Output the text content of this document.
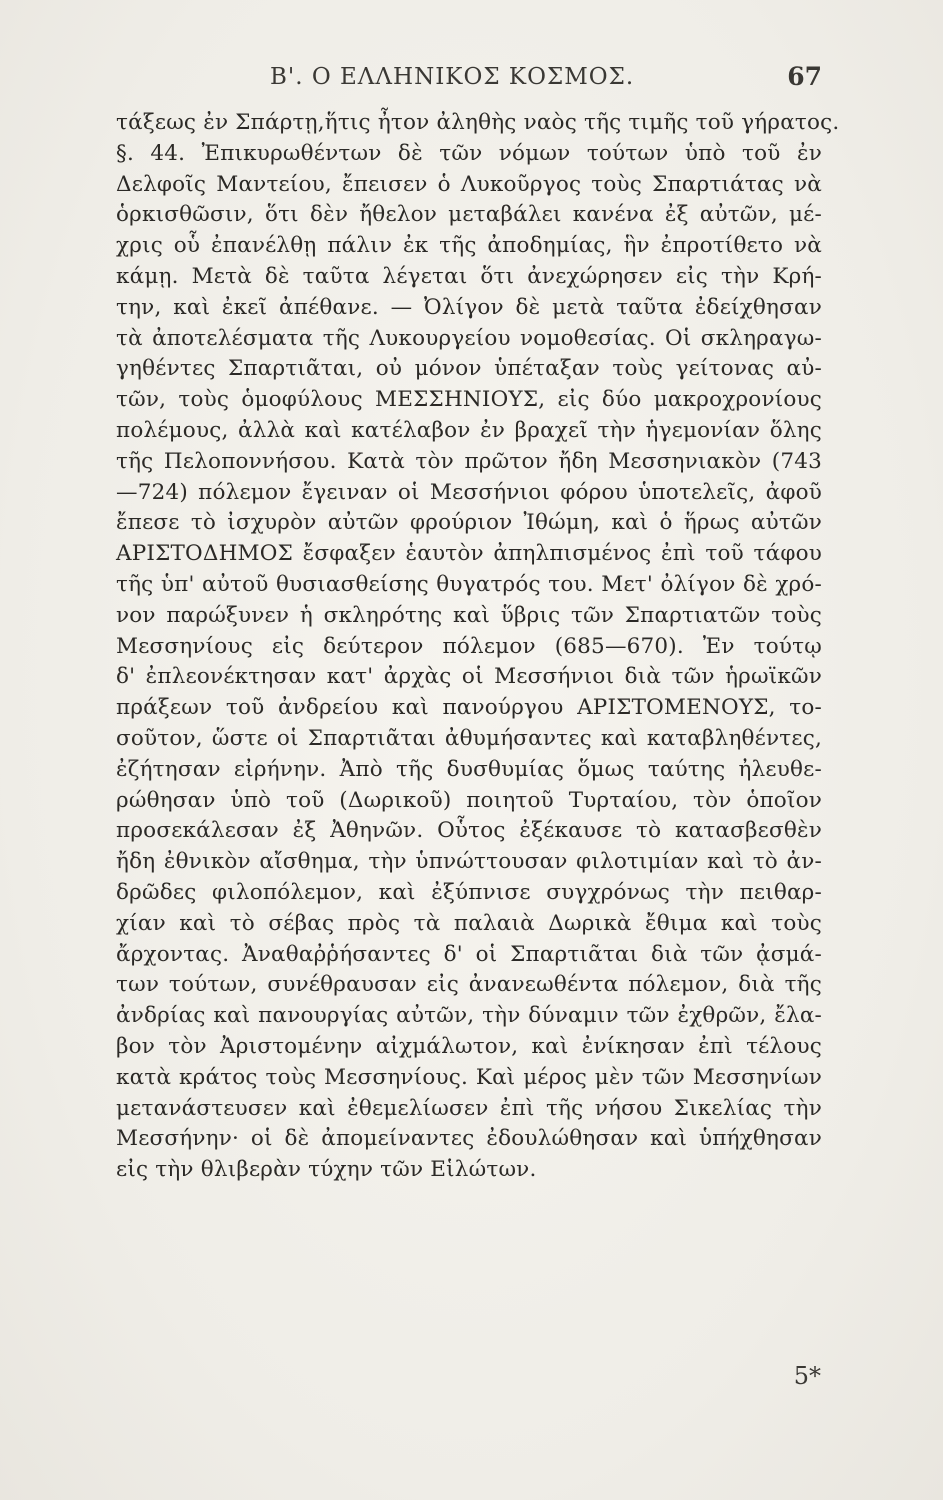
Β'. Ο ΕΛΛΗΝΙΚΟΣ ΚΟΣΜΟΣ.	67
τάξεως ἐν Σπάρτῃ,ἥτις ἦτον ἀληθὴς ναὸς τῆς τιμῆς τοῦ γήρατος.
§. 44. Ἐπικυρωθέντων δὲ τῶν νόμων τούτων ὑπὸ τοῦ ἐν
Δελφοῖς Μαντείου, ἔπεισεν ὁ Λυκοῦργος τοὺς Σπαρτιάτας νὰ
ὁρκισθῶσιν, ὅτι δὲν ἤθελον μεταβάλει κανένα ἐξ αὐτῶν, μέ-
χρις οὗ ἐπανέλθῃ πάλιν ἐκ τῆς ἀποδημίας, ἣν ἐπροτίθετο νὰ
κάμῃ. Μετὰ δὲ ταῦτα λέγεται ὅτι ἀνεχώρησεν εἰς τὴν Κρή-
την, καὶ ἐκεῖ ἀπέθανε. — Ὀλίγον δὲ μετὰ ταῦτα ἐδείχθησαν
τὰ ἀποτελέσματα τῆς Λυκουργείου νομοθεσίας. Οἱ σκληραγω-
γηθέντες Σπαρτιᾶται, οὐ μόνον ὑπέταξαν τοὺς γείτονας αὐ-
τῶν, τοὺς ὁμοφύλους ΜΕΣΣΗΝΙΟΥΣ, εἰς δύο μακροχρονίους
πολέμους, ἀλλὰ καὶ κατέλαβον ἐν βραχεῖ τὴν ἡγεμονίαν ὅλης
τῆς Πελοποννήσου. Κατὰ τὸν πρῶτον ἤδη Μεσσηνιακὸν (743
—724) πόλεμον ἔγειναν οἱ Μεσσήνιοι φόρου ὑποτελεῖς, ἀφοῦ
ἔπεσε τὸ ἰσχυρὸν αὐτῶν φρούριον Ἰθώμη, καὶ ὁ ἥρως αὐτῶν
ΑΡΙΣΤΟΔΗΜΟΣ ἔσφαξεν ἑαυτὸν ἀπηλπισμένος ἐπὶ τοῦ τάφου
τῆς ὑπ' αὐτοῦ θυσιασθείσης θυγατρός του. Μετ' ὀλίγον δὲ χρό-
νον παρώξυνεν ἡ σκληρότης καὶ ὕβρις τῶν Σπαρτιατῶν τοὺς
Μεσσηνίους εἰς δεύτερον πόλεμον (685—670). Ἐν τούτῳ
δ' ἐπλεονέκτησαν κατ' ἀρχὰς οἱ Μεσσήνιοι διὰ τῶν ἡρωϊκῶν
πράξεων τοῦ ἀνδρείου καὶ πανούργου ΑΡΙΣΤΟΜΕΝΟΥΣ, το-
σοῦτον, ὥστε οἱ Σπαρτιᾶται ἀθυμήσαντες καὶ καταβληθέντες,
ἐζήτησαν εἰρήνην. Ἀπὸ τῆς δυσθυμίας ὅμως ταύτης ἠλευθε-
ρώθησαν ὑπὸ τοῦ (Δωρικοῦ) ποιητοῦ Τυρταίου, τὸν ὁποῖον
προσεκάλεσαν ἐξ Ἀθηνῶν. Οὗτος ἐξέκαυσε τὸ κατασβεσθὲν
ἤδη ἐθνικὸν αἴσθημα, τὴν ὑπνώττουσαν φιλοτιμίαν καὶ τὸ ἀν-
δρῶδες φιλοπόλεμον, καὶ ἐξύπνισε συγχρόνως τὴν πειθαρ-
χίαν καὶ τὸ σέβας πρὸς τὰ παλαιὰ Δωρικὰ ἔθιμα καὶ τοὺς
ἄρχοντας. Ἀναθαῤῥήσαντες δ' οἱ Σπαρτιᾶται διὰ τῶν ᾀσμά-
των τούτων, συνέθραυσαν εἰς ἀνανεωθέντα πόλεμον, διὰ τῆς
ἀνδρίας καὶ πανουργίας αὐτῶν, τὴν δύναμιν τῶν ἐχθρῶν, ἔλα-
βον τὸν Ἀριστομένην αἰχμάλωτον, καὶ ἐνίκησαν ἐπὶ τέλους
κατὰ κράτος τοὺς Μεσσηνίους. Καὶ μέρος μὲν τῶν Μεσσηνίων
μετανάστευσεν καὶ ἐθεμελίωσεν ἐπὶ τῆς νήσου Σικελίας τὴν
Μεσσήνην· οἱ δὲ ἀπομείναντες ἐδουλώθησαν καὶ ὑπήχθησαν
εἰς τὴν θλιβερὰν τύχην τῶν Εἱλώτων.
5*
